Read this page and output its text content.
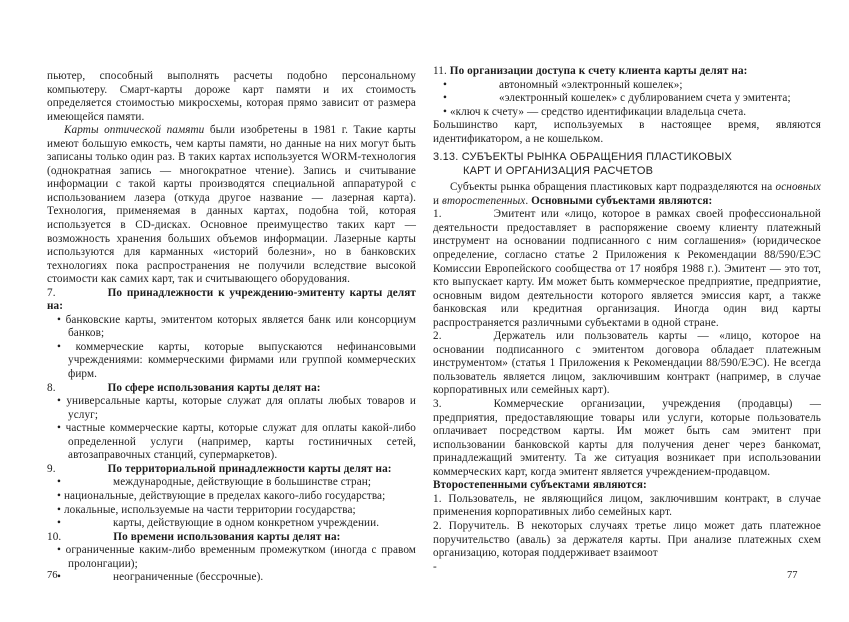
пьютер, способный выполнять расчеты подобно персональному компьютеру. Смарт-карты дороже карт памяти и их стоимость определяется стоимостью микросхемы, которая прямо зависит от размера имеющейся памяти.
Карты оптической памяти были изобретены в 1981 г. Такие карты имеют большую емкость, чем карты памяти, но данные на них могут быть записаны только один раз. В таких картах используется WORM-технология (однократная запись — многократное чтение). Запись и считывание информации с такой карты производятся специальной аппаратурой с использованием лазера (откуда другое название — лазерная карта). Технология, применяемая в данных картах, подобна той, которая используется в CD-дисках. Основное преимущество таких карт — возможность хранения больших объемов информации. Лазерные карты используются для карманных «историй болезни», но в банковских технологиях пока распространения не получили вследствие высокой стоимости как самих карт, так и считывающего оборудования.
7.	По принадлежности к учреждению-эмитенту карты делят на:
• банковские карты, эмитентом которых является банк или консорциум банков;
• коммерческие карты, которые выпускаются нефинансовыми учреждениями: коммерческими фирмами или группой коммерческих фирм.
8.	По сфере использования карты делят на:
• универсальные карты, которые служат для оплаты любых товаров и услуг;
• частные коммерческие карты, которые служат для оплаты какой-либо определенной услуги (например, карты гостиничных сетей, автозаправочных станций, супермаркетов).
9.	По территориальной принадлежности карты делят на:
•	международные, действующие в большинстве стран;
• национальные, действующие в пределах какого-либо государства;
• локальные, используемые на части территории государства;
•	карты, действующие в одном конкретном учреждении.
10.	По времени использования карты делят на:
• ограниченные каким-либо временным промежутком (иногда с правом пролонгации);
•	неограниченные (бессрочные).
76
11. По организации доступа к счету клиента карты делят на:
•	автономный «электронный кошелек»;
•	«электронный кошелек» с дублированием счета у эмитента;
• «ключ к счету» — средство идентификации владельца счета.
Большинство карт, используемых в настоящее время, являются идентификатором, а не кошельком.
3.13. СУБЪЕКТЫ РЫНКА ОБРАЩЕНИЯ ПЛАСТИКОВЫХ
КАРТ И ОРГАНИЗАЦИЯ РАСЧЕТОВ
Субъекты рынка обращения пластиковых карт подразделяются на основных и второстепенных. Основными субъектами являются:
1.	Эмитент или «лицо, которое в рамках своей профессиональной деятельности предоставляет в распоряжение своему клиенту платежный инструмент на основании подписанного с ним соглашения» (юридическое определение, согласно статье 2 Приложения к Рекомендации 88/590/ЕЭС Комиссии Европейского сообщества от 17 ноября 1988 г.). Эмитент — это тот, кто выпускает карту. Им может быть коммерческое предприятие, предприятие, основным видом деятельности которого является эмиссия карт, а также банковская или кредитная организация. Иногда один вид карты распространяется различными субъектами в одной стране.
2.	Держатель или пользователь карты — «лицо, которое на основании подписанного с эмитентом договора обладает платежным инструментом» (статья 1 Приложения к Рекомендации 88/590/ЕЭС). Не всегда пользователь является лицом, заключившим контракт (например, в случае корпоративных или семейных карт).
3.	Коммерческие организации, учреждения (продавцы) — предприятия, предоставляющие товары или услуги, которые пользователь оплачивает посредством карты. Им может быть сам эмитент при использовании банковской карты для получения денег через банкомат, принадлежащий эмитенту. Та же ситуация возникает при использовании коммерческих карт, когда эмитент является учреждением-продавцом.
Второстепенными субъектами являются:
1. Пользователь, не являющийся лицом, заключившим контракт, в случае применения корпоративных либо семейных карт.
2. Поручитель. В некоторых случаях третье лицо может дать платежное поручительство (аваль) за держателя карты. При анализе платежных схем организацию, которая поддерживает взаимоот
-
77
